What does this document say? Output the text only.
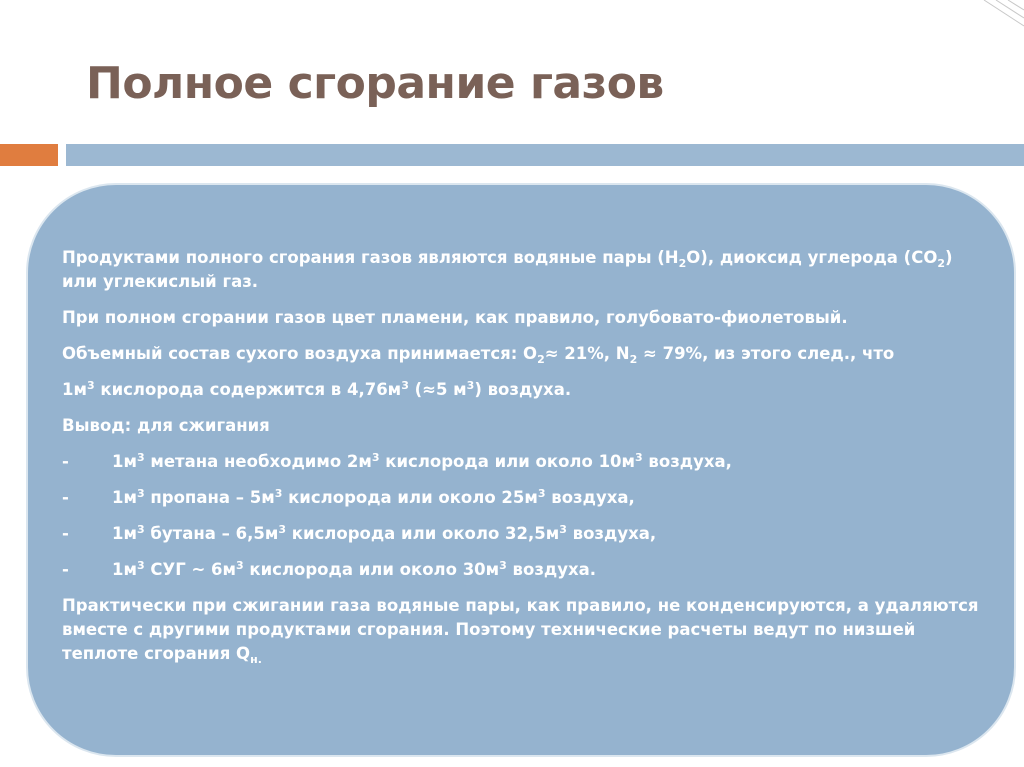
Полное сгорание газов

Продуктами полного сгорания газов являются водяные пары $(H_2O)$, диоксид углерода $(CO_2)$ или углекислый газ.

При полном сгорании газов цвет пламени, как правило, голубовато-фиолетовый.

Объемный состав сухого воздуха принимается: $O_2\approx 21\%$, $N_2 \approx 79\%$, из этого след., что

$1м^3$ кислорода содержится в $4,76м^3$ (≈5 $м^3$) воздуха.

Вывод: для сжигания

-	$1м^3$ метана необходимо $2м^3$ кислорода или около $10м^3$ воздуха,
-	$1м^3$ пропана – $5м^3$ кислорода или около $25м^3$ воздуха,
-	$1м^3$ бутана – $6,5м^3$ кислорода или около $32,5м^3$ воздуха,
-	$1м^3$ СУГ ~ $6м^3$ кислорода или около $30м^3$ воздуха.

Практически при сжигании газа водяные пары, как правило, не конденсируются, а удаляются вместе с другими продуктами сгорания. Поэтому технические расчеты ведут по низшей теплоте сгорания $Q_{н.}$
